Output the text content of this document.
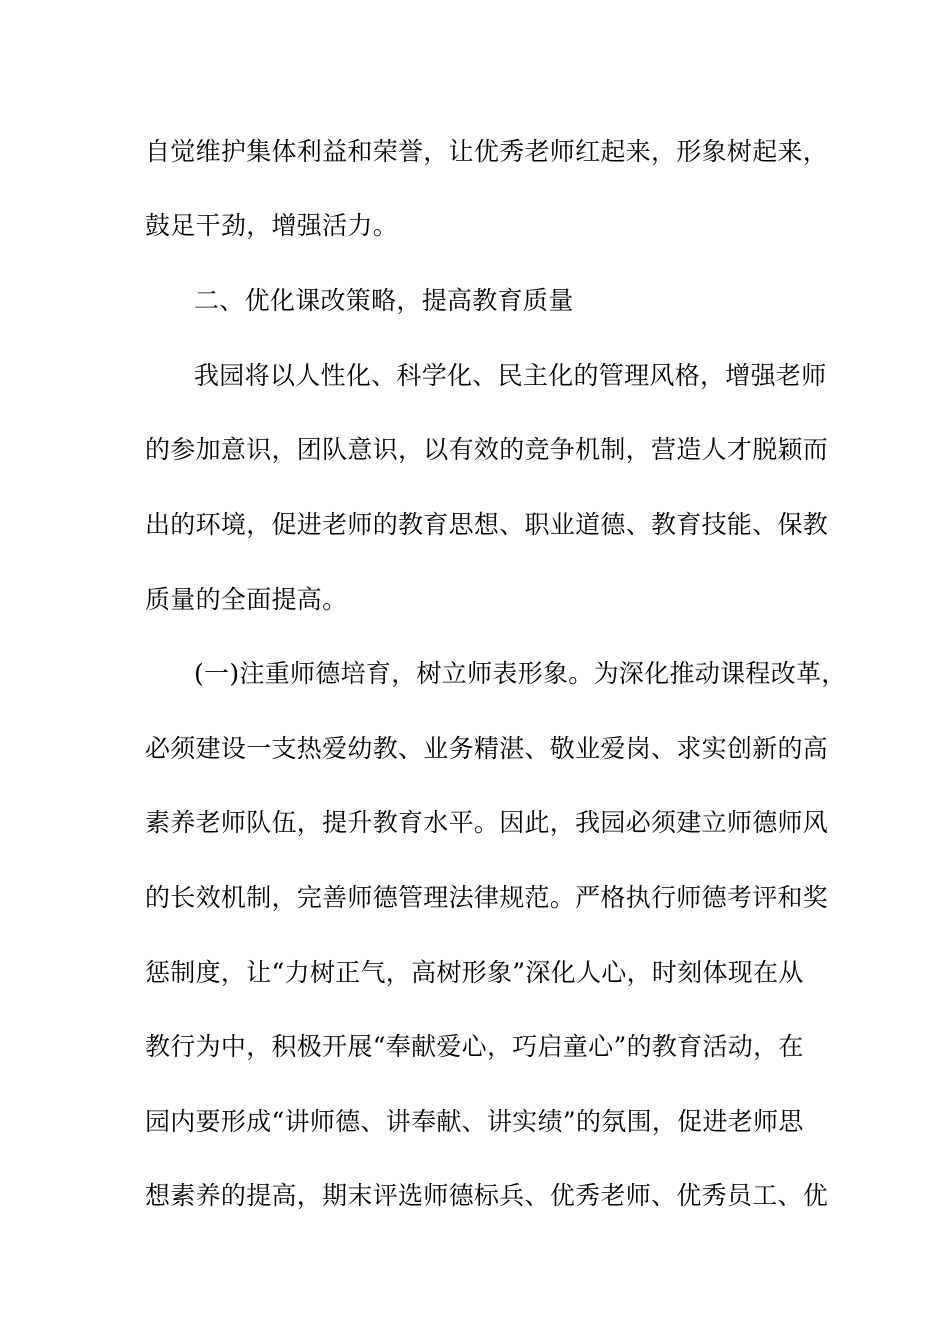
自觉维护集体利益和荣誉，让优秀老师红起来，形象树起来，
鼓足干劲，增强活力。
二、优化课改策略，提高教育质量
我园将以人性化、科学化、民主化的管理风格，增强老师
的参加意识，团队意识，以有效的竞争机制，营造人才脱颖而
出的环境，促进老师的教育思想、职业道德、教育技能、保教
质量的全面提高。
(一)注重师德培育，树立师表形象。为深化推动课程改革，
必须建设一支热爱幼教、业务精湛、敬业爱岗、求实创新的高
素养老师队伍，提升教育水平。因此，我园必须建立师德师风
的长效机制，完善师德管理法律规范。严格执行师德考评和奖
惩制度，让“力树正气，高树形象”深化人心，时刻体现在从
教行为中，积极开展“奉献爱心，巧启童心”的教育活动，在
园内要形成“讲师德、讲奉献、讲实绩”的氛围，促进老师思
想素养的提高，期末评选师德标兵、优秀老师、优秀员工、优
